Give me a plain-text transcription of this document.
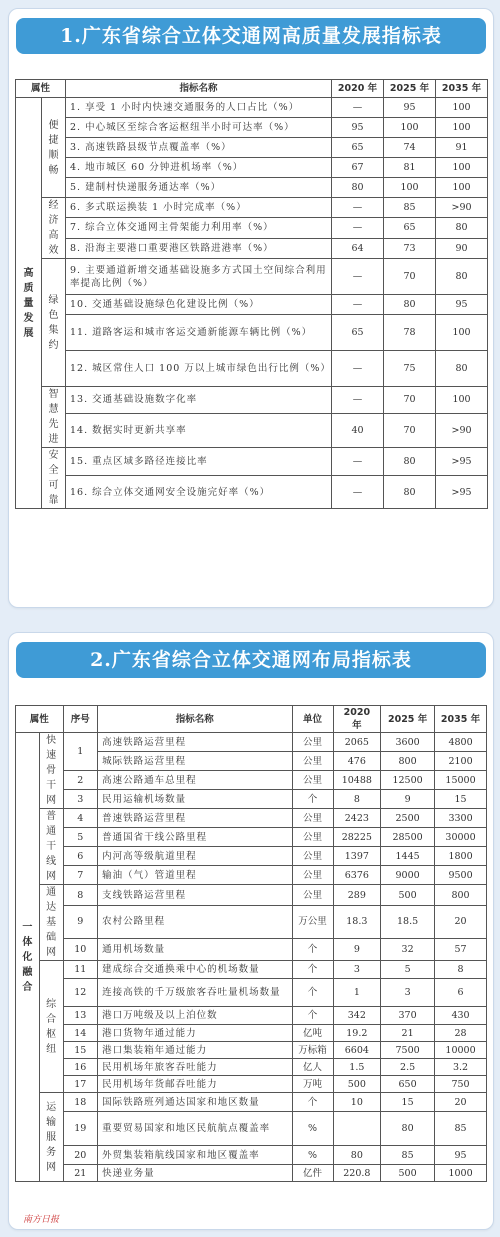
1.广东省综合立体交通网高质量发展指标表
属性		指标名称	2020 年	2025 年	2035 年
高质量发展	便捷顺畅	1. 享受 1 小时内快速交通服务的人口占比（%）	—	95	100
		2. 中心城区至综合客运枢纽半小时可达率（%）	95	100	100
		3. 高速铁路县级节点覆盖率（%）	65	74	91
		4. 地市城区 60 分钟进机场率（%）	67	81	100
		5. 建制村快递服务通达率（%）	80	100	100
	经济高效	6. 多式联运换装 1 小时完成率（%）	—	85	>90
		7. 综合立体交通网主骨架能力利用率（%）	—	65	80
		8. 沿海主要港口重要港区铁路进港率（%）	64	73	90
	绿色集约	9. 主要通道新增交通基础设施多方式国土空间综合利用率提高比例（%）	—	70	80
		10. 交通基础设施绿色化建设比例（%）	—	80	95
		11. 道路客运和城市客运交通新能源车辆比例（%）	65	78	100
		12. 城区常住人口 100 万以上城市绿色出行比例（%）	—	75	80
	智慧先进	13. 交通基础设施数字化率	—	70	100
		14. 数据实时更新共享率	40	70	>90
	安全可靠	15. 重点区域多路径连接比率	—	80	>95
		16. 综合立体交通网安全设施完好率（%）	—	80	>95
2.广东省综合立体交通网布局指标表
属性		序号	指标名称	单位	2020 年	2025 年	2035 年
一体化融合	快速骨干网	1	高速铁路运营里程	公里	2065	3600	4800
			城际铁路运营里程	公里	476	800	2100
		2	高速公路通车总里程	公里	10488	12500	15000
		3	民用运输机场数量	个	8	9	15
	普通干线网	4	普速铁路运营里程	公里	2423	2500	3300
		5	普通国省干线公路里程	公里	28225	28500	30000
		6	内河高等级航道里程	公里	1397	1445	1800
		7	输油（气）管道里程	公里	6376	9000	9500
	通达基础网	8	支线铁路运营里程	公里	289	500	800
		9	农村公路里程	万公里	18.3	18.5	20
		10	通用机场数量	个	9	32	57
	综合枢纽	11	建成综合交通换乘中心的机场数量	个	3	5	8
		12	连接高铁的千万级旅客吞吐量机场数量	个	1	3	6
		13	港口万吨级及以上泊位数	个	342	370	430
		14	港口货物年通过能力	亿吨	19.2	21	28
		15	港口集装箱年通过能力	万标箱	6604	7500	10000
		16	民用机场年旅客吞吐能力	亿人	1.5	2.5	3.2
		17	民用机场年货邮吞吐能力	万吨	500	650	750
	运输服务网	18	国际铁路班列通达国家和地区数量	个	10	15	20
		19	重要贸易国家和地区民航航点覆盖率	%		80	85
		20	外贸集装箱航线国家和地区覆盖率	%	80	85	95
		21	快递业务量	亿件	220.8	500	1000
南方日报
